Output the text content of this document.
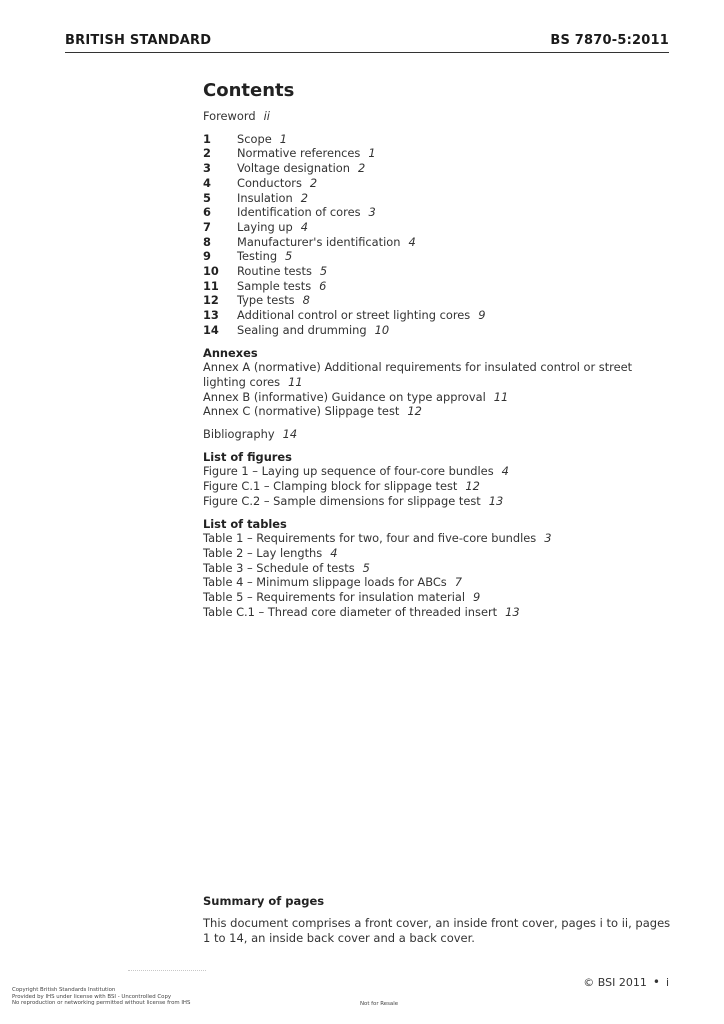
BRITISH STANDARD	BS 7870-5:2011
Contents
Foreword ii
1	Scope 1
2	Normative references 1
3	Voltage designation 2
4	Conductors 2
5	Insulation 2
6	Identification of cores 3
7	Laying up 4
8	Manufacturer's identification 4
9	Testing 5
10	Routine tests 5
11	Sample tests 6
12	Type tests 8
13	Additional control or street lighting cores 9
14	Sealing and drumming 10
Annexes
Annex A (normative) Additional requirements for insulated control or street lighting cores 11
Annex B (informative) Guidance on type approval 11
Annex C (normative) Slippage test 12
Bibliography 14
List of figures
Figure 1 – Laying up sequence of four-core bundles 4
Figure C.1 – Clamping block for slippage test 12
Figure C.2 – Sample dimensions for slippage test 13
List of tables
Table 1 – Requirements for two, four and five-core bundles 3
Table 2 – Lay lengths 4
Table 3 – Schedule of tests 5
Table 4 – Minimum slippage loads for ABCs 7
Table 5 – Requirements for insulation material 9
Table C.1 – Thread core diameter of threaded insert 13
Summary of pages
This document comprises a front cover, an inside front cover, pages i to ii, pages 1 to 14, an inside back cover and a back cover.
© BSI 2011 • i
Copyright British Standards Institution
Provided by IHS under license with BSI - Uncontrolled Copy
No reproduction or networking permitted without license from IHS	Not for Resale
